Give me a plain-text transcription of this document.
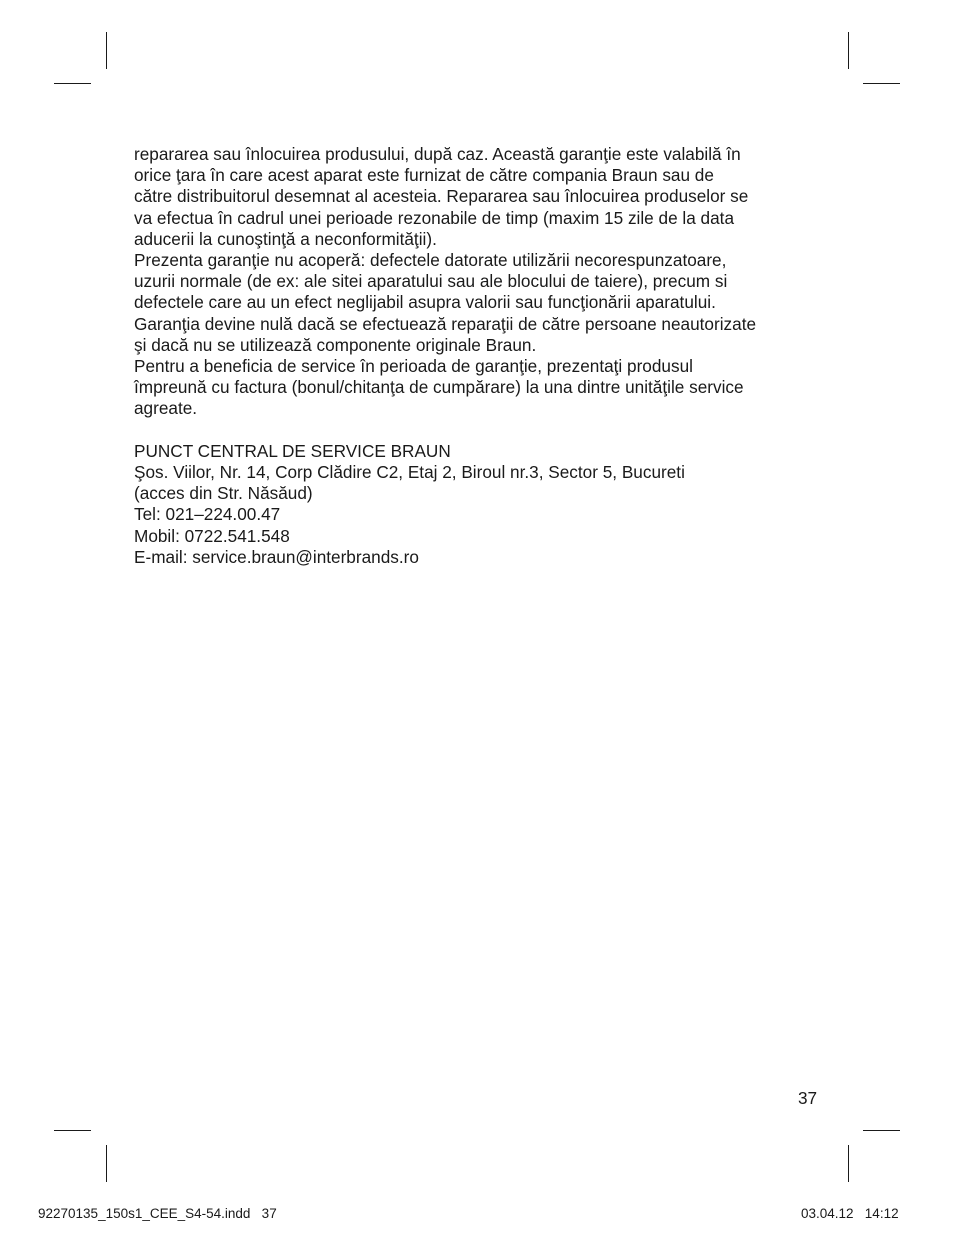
repararea sau înlocuirea produsului, după caz. Această garanţie este valabilă în

orice ţara în care acest aparat este furnizat de către compania Braun sau de

către distribuitorul desemnat al acesteia. Repararea sau înlocuirea produselor se

va efectua în cadrul unei perioade rezonabile de timp (maxim 15 zile de la data

aducerii la cunoştinţă a neconformităţii).

Prezenta garanţie nu acoperă: defectele datorate utilizării necorespunzatoare,

uzurii normale (de ex: ale sitei aparatului sau ale blocului de taiere), precum si

defectele care au un efect neglijabil asupra valorii sau funcţionării aparatului.

Garanţia devine nulă dacă se efectuează reparaţii de către persoane neautorizate

şi dacă nu se utilizează componente originale Braun.

Pentru a beneficia de service în perioada de garanţie, prezentaţi produsul

împreună cu factura (bonul/chitanţa de cumpărare) la una dintre unităţile service

agreate.

PUNCT CENTRAL DE SERVICE BRAUN

Şos. Viilor, Nr. 14, Corp Clădire C2, Etaj 2, Biroul nr.3, Sector 5, Bucureti

(acces din Str. Năsăud)

Tel: 021–224.00.47

Mobil: 0722.541.548

E-mail: service.braun@interbrands.ro

37
92270135_150s1_CEE_S4-54.indd   37	03.04.12   14:12
